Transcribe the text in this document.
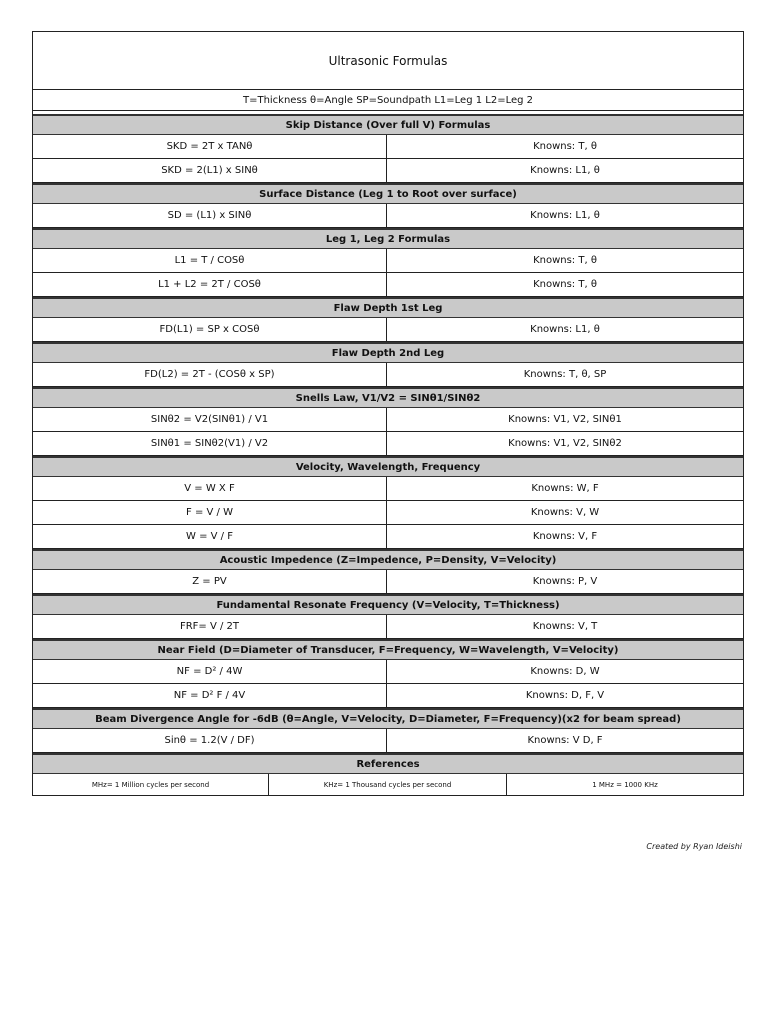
Ultrasonic Formulas
T=Thickness θ=Angle SP=Soundpath L1=Leg 1 L2=Leg 2
Skip Distance (Over full V) Formulas
SKD = 2T x TANθ	Knowns: T, θ
SKD = 2(L1) x SINθ	Knowns: L1, θ
Surface Distance (Leg 1 to Root over surface)
SD = (L1) x SINθ	Knowns: L1, θ
Leg 1, Leg 2 Formulas
L1 = T / COSθ	Knowns: T, θ
L1 + L2 = 2T / COSθ	Knowns: T, θ
Flaw Depth 1st Leg
FD(L1) = SP x COSθ	Knowns: L1, θ
Flaw Depth 2nd Leg
FD(L2) = 2T - (COSθ x SP)	Knowns: T, θ, SP
Snells Law, V1/V2 = SINθ1/SINθ2
SINθ2 = V2(SINθ1) / V1	Knowns: V1, V2, SINθ1
SINθ1 = SINθ2(V1) / V2	Knowns: V1, V2, SINθ2
Velocity, Wavelength, Frequency
V = W X F	Knowns: W, F
F = V / W	Knowns: V, W
W = V / F	Knowns: V, F
Acoustic Impedence (Z=Impedence, P=Density, V=Velocity)
Z = PV	Knowns: P, V
Fundamental Resonate Frequency (V=Velocity, T=Thickness)
FRF= V / 2T	Knowns: V, T
Near Field (D=Diameter of Transducer, F=Frequency, W=Wavelength, V=Velocity)
NF = D² / 4W	Knowns: D, W
NF = D² F / 4V	Knowns: D, F, V
Beam Divergence Angle for -6dB (θ=Angle, V=Velocity, D=Diameter, F=Frequency)(x2 for beam spread)
Sinθ = 1.2(V / DF)	Knowns: V D, F
References
MHz= 1 Million cycles per second	KHz= 1 Thousand cycles per second	1 MHz = 1000 KHz
Created by Ryan Ideishi
